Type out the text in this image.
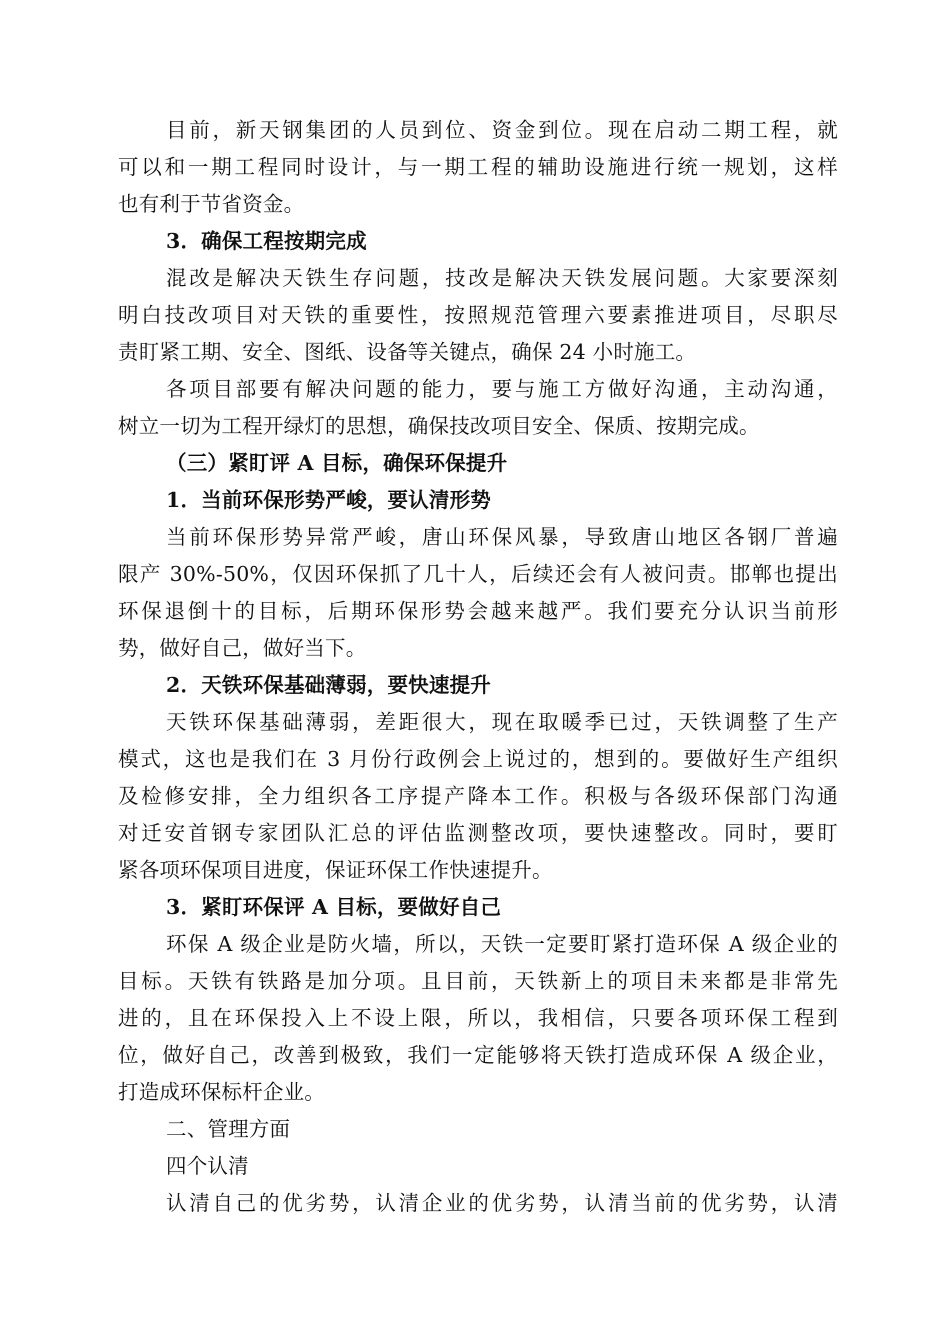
目前，新天钢集团的人员到位、资金到位。现在启动二期工程，就
可以和一期工程同时设计，与一期工程的辅助设施进行统一规划，这样
也有利于节省资金。
3．确保工程按期完成
混改是解决天铁生存问题，技改是解决天铁发展问题。大家要深刻
明白技改项目对天铁的重要性，按照规范管理六要素推进项目，尽职尽
责盯紧工期、安全、图纸、设备等关键点，确保 24 小时施工。
各项目部要有解决问题的能力，要与施工方做好沟通，主动沟通，
树立一切为工程开绿灯的思想，确保技改项目安全、保质、按期完成。
（三）紧盯评 A 目标，确保环保提升
1．当前环保形势严峻，要认清形势
当前环保形势异常严峻，唐山环保风暴，导致唐山地区各钢厂普遍
限产 30%-50%，仅因环保抓了几十人，后续还会有人被问责。邯郸也提出
环保退倒十的目标，后期环保形势会越来越严。我们要充分认识当前形
势，做好自己，做好当下。
2．天铁环保基础薄弱，要快速提升
天铁环保基础薄弱，差距很大，现在取暖季已过，天铁调整了生产
模式，这也是我们在 3 月份行政例会上说过的，想到的。要做好生产组织
及检修安排，全力组织各工序提产降本工作。积极与各级环保部门沟通
对迁安首钢专家团队汇总的评估监测整改项，要快速整改。同时，要盯
紧各项环保项目进度，保证环保工作快速提升。
3．紧盯环保评 A 目标，要做好自己
环保 A 级企业是防火墙，所以，天铁一定要盯紧打造环保 A 级企业的
目标。天铁有铁路是加分项。且目前，天铁新上的项目未来都是非常先
进的，且在环保投入上不设上限，所以，我相信，只要各项环保工程到
位，做好自己，改善到极致，我们一定能够将天铁打造成环保 A 级企业，
打造成环保标杆企业。
二、管理方面
四个认清
认清自己的优劣势，认清企业的优劣势，认清当前的优劣势，认清
